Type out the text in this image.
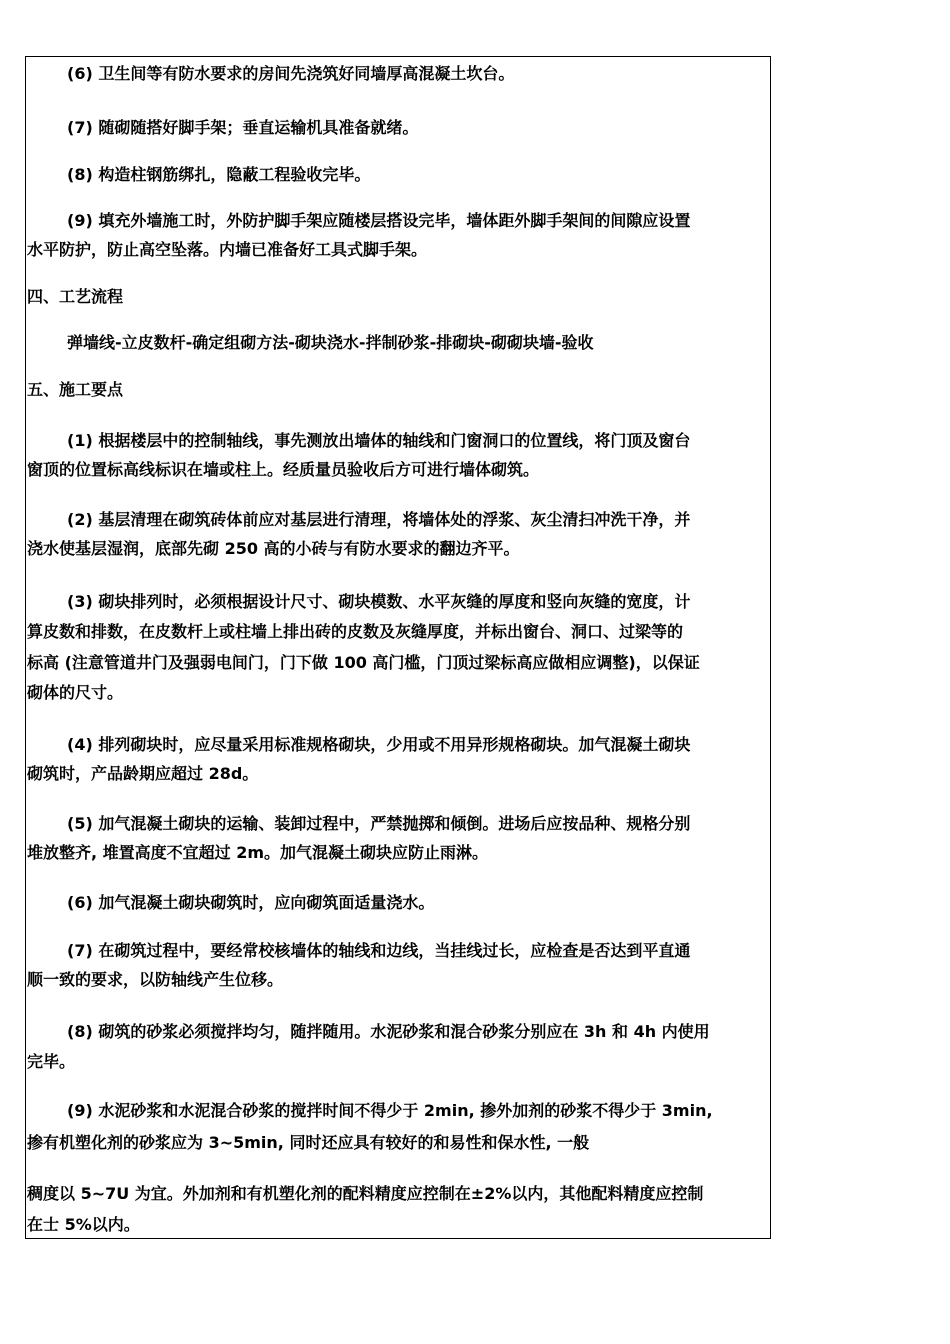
(6) 卫生间等有防水要求的房间先浇筑好同墙厚高混凝土坎台。
(7) 随砌随搭好脚手架；垂直运输机具准备就绪。
(8) 构造柱钢筋绑扎，隐蔽工程验收完毕。
(9) 填充外墙施工时，外防护脚手架应随楼层搭设完毕，墙体距外脚手架间的间隙应设置
水平防护，防止高空坠落。内墙已准备好工具式脚手架。
四、工艺流程
弹墙线-立皮数杆-确定组砌方法-砌块浇水-拌制砂浆-排砌块-砌砌块墙-验收
五、施工要点
(1) 根据楼层中的控制轴线，事先测放出墙体的轴线和门窗洞口的位置线，将门顶及窗台
窗顶的位置标高线标识在墙或柱上。经质量员验收后方可进行墙体砌筑。
(2) 基层清理在砌筑砖体前应对基层进行清理，将墙体处的浮浆、灰尘清扫冲洗干净，并
浇水使基层湿润，底部先砌 250 高的小砖与有防水要求的翻边齐平。
(3) 砌块排列时，必须根据设计尺寸、砌块模数、水平灰缝的厚度和竖向灰缝的宽度，计
算皮数和排数，在皮数杆上或柱墙上排出砖的皮数及灰缝厚度，并标出窗台、洞口、过梁等的
标高 (注意管道井门及强弱电间门，门下做 100 高门槛，门顶过梁标高应做相应调整)，以保证
砌体的尺寸。
(4) 排列砌块时，应尽量采用标准规格砌块，少用或不用异形规格砌块。加气混凝土砌块
砌筑时，产品龄期应超过 28d。
(5) 加气混凝土砌块的运输、装卸过程中，严禁抛掷和倾倒。进场后应按品种、规格分别
堆放整齐, 堆置高度不宜超过 2m。加气混凝土砌块应防止雨淋。
(6) 加气混凝土砌块砌筑时，应向砌筑面适量浇水。
(7) 在砌筑过程中，要经常校核墙体的轴线和边线，当挂线过长，应检查是否达到平直通
顺一致的要求，以防轴线产生位移。
(8) 砌筑的砂浆必须搅拌均匀，随拌随用。水泥砂浆和混合砂浆分别应在 3h 和 4h 内使用
完毕。
(9) 水泥砂浆和水泥混合砂浆的搅拌时间不得少于 2min, 掺外加剂的砂浆不得少于 3min,
掺有机塑化剂的砂浆应为 3~5min, 同时还应具有较好的和易性和保水性, 一般
稠度以 5~7U 为宜。外加剂和有机塑化剂的配料精度应控制在±2%以内，其他配料精度应控制
在士 5%以内。
